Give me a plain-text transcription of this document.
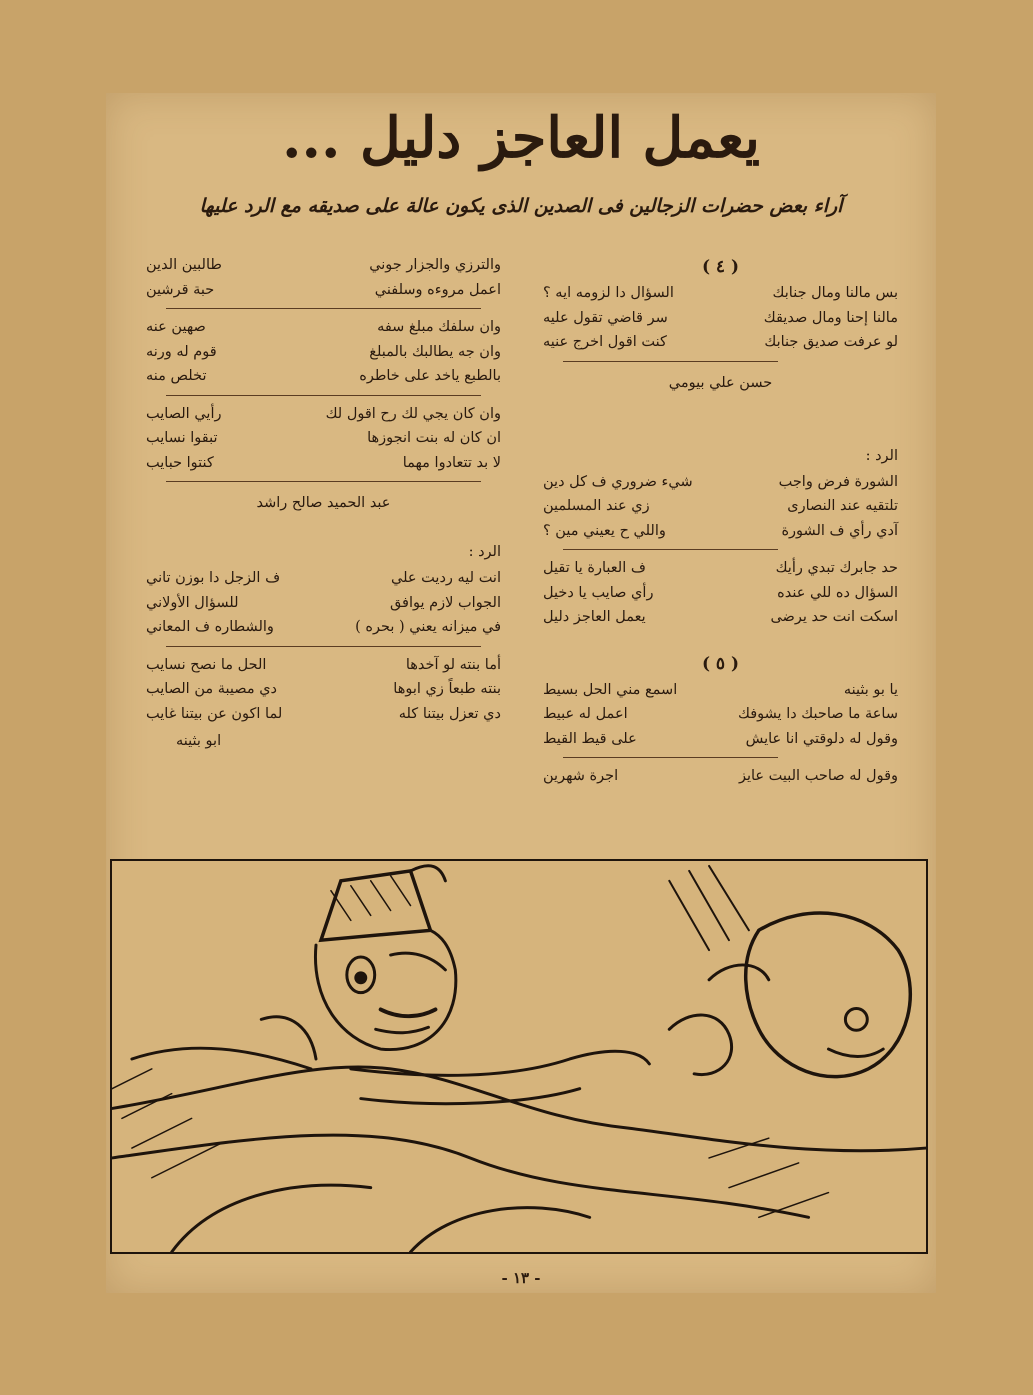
يعمل العاجز دليل ...
آراء بعض حضرات الزجالين فى الصدين الذى يكون عالة على صديقه مع الرد عليها
( ٤ )
بس مالنا ومال جنابك
السؤال دا لزومه ايه ؟
مالنا إحنا ومال صديقك
سر قاضي تقول عليه
لو عرفت صديق جنابك
كنت اقول اخرج عنيه
حسن علي بيومي
الرد :
الشورة فرض واجب
شيء ضروري ف كل دين
تلتقيه عند النصارى
زي عند المسلمين
آدي رأي ف الشورة
واللي ح يعيني مين ؟
حد جابرك تبدي رأيك
ف العبارة يا تقيل
السؤال ده للي عنده
رأي صايب يا دخيل
اسكت انت حد يرضى
يعمل العاجز دليل
( ٥ )
يا بو بثينه
اسمع مني الحل بسيط
ساعة ما صاحبك دا يشوفك
اعمل له عبيط
وقول له دلوقتي انا عايش
على قيط القيط
وقول له صاحب البيت عايز
اجرة شهرين
والترزي والجزار جوني
طالبين الدين
اعمل مروءه وسلفني
حبة قرشين
وان سلفك مبلغ سفه
صهين عنه
وان جه يطالبك بالمبلغ
قوم له ورنه
بالطبع ياخد على خاطره
تخلص منه
وان كان يجي لك رح اقول لك
رأيي الصايب
ان كان له بنت انجوزها
تبقوا نسايب
لا بد تتعادوا مهما
كنتوا حبايب
عبد الحميد صالح راشد
الرد :
انت ليه رديت علي
ف الزجل دا بوزن تاني
الجواب لازم يوافق
للسؤال الأولاني
في ميزانه يعني ( بحره )
والشطاره ف المعاني
أما بنته لو آخدها
الحل ما نصح نسايب
بنته طبعاً زي ابوها
دي مصيبة من الصايب
دي تعزل بيتنا كله
لما اكون عن بيتنا غايب
ابو بثينه
- ١٣ -
